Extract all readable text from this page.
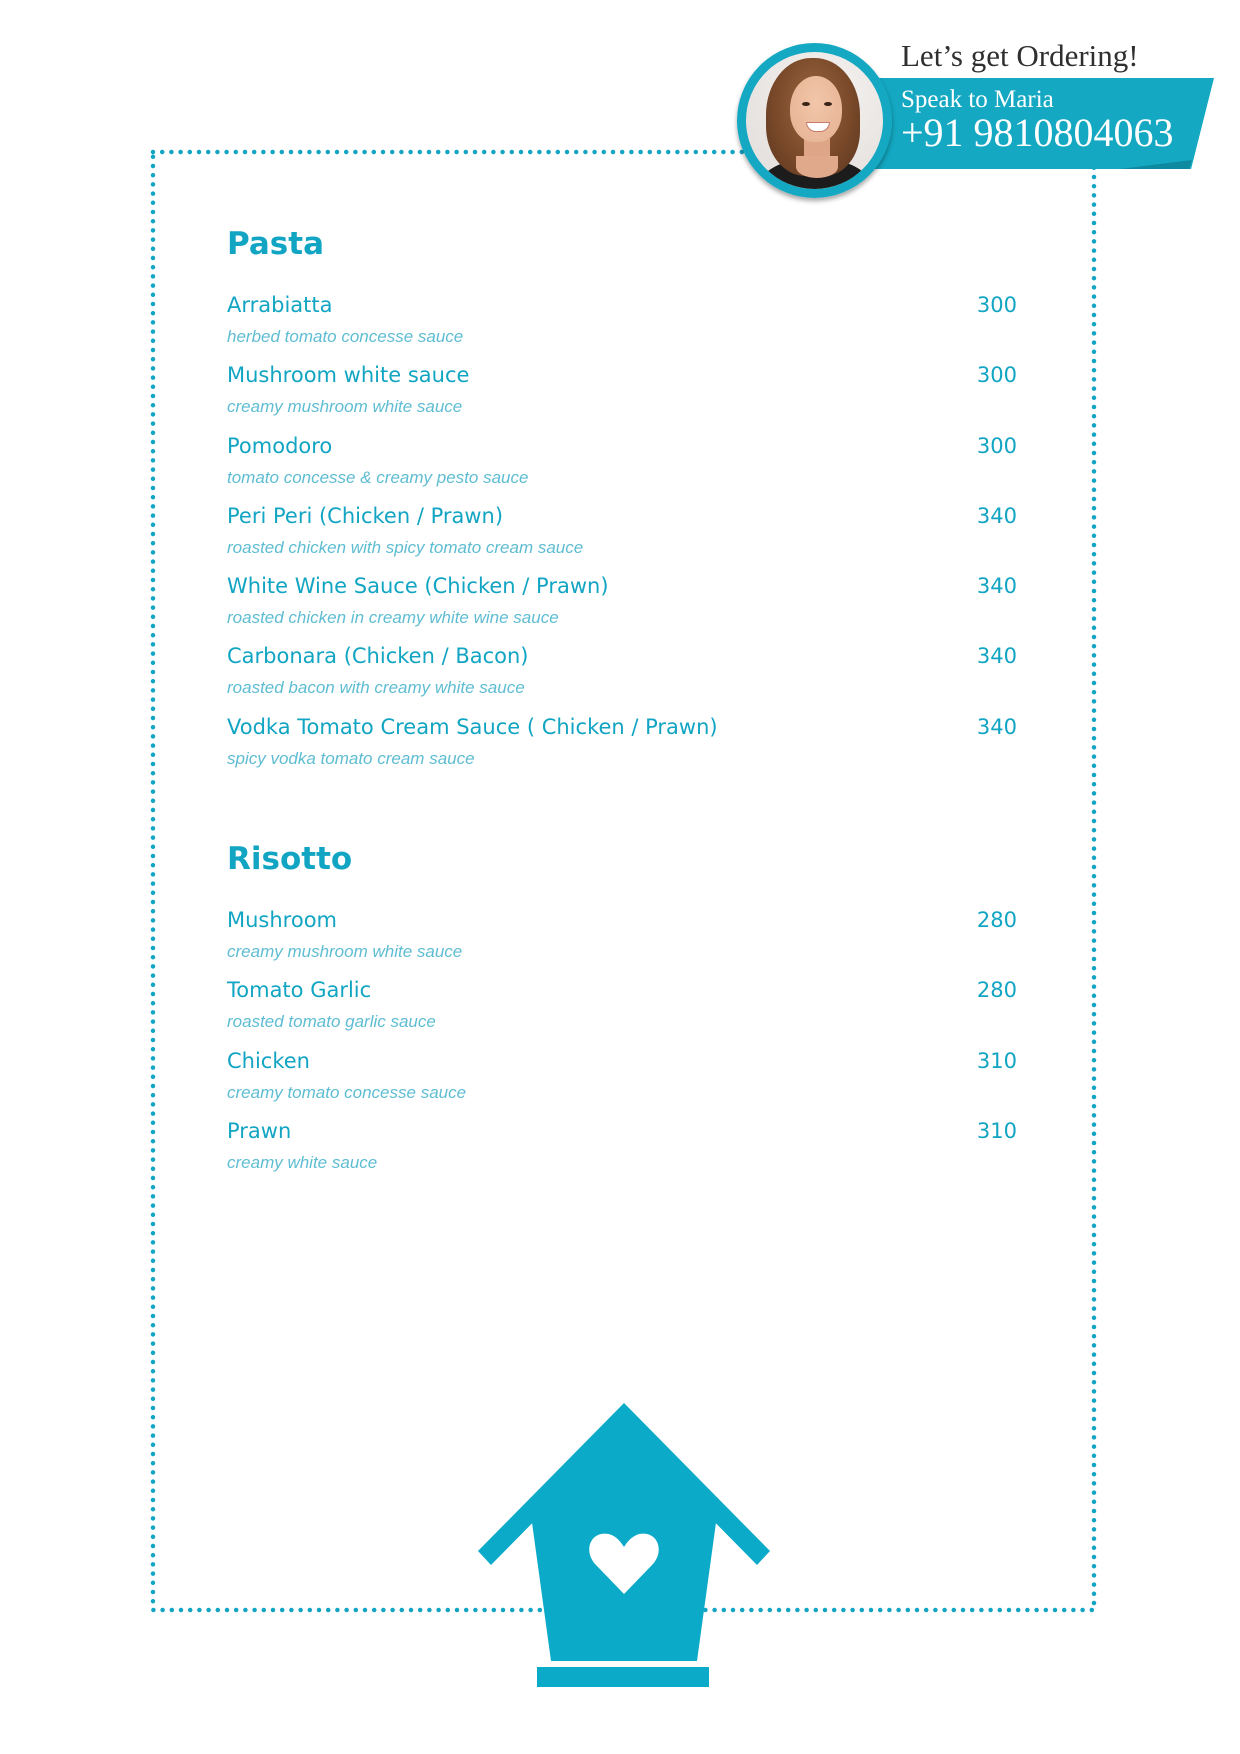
Let’s get Ordering!
Speak to Maria
+91 9810804063
Pasta
Arrabiatta	300
herbed tomato concesse sauce
Mushroom white sauce	300
creamy mushroom white sauce
Pomodoro	300
tomato concesse & creamy pesto sauce
Peri Peri (Chicken / Prawn)	340
roasted chicken with spicy tomato cream sauce
White Wine Sauce (Chicken / Prawn)	340
roasted chicken in creamy white wine sauce
Carbonara (Chicken / Bacon)	340
roasted bacon with creamy white sauce
Vodka Tomato Cream Sauce ( Chicken / Prawn)	340
spicy vodka tomato cream sauce
Risotto
Mushroom	280
creamy mushroom white sauce
Tomato Garlic	280
roasted tomato garlic sauce
Chicken	310
creamy tomato concesse sauce
Prawn	310
creamy white sauce
